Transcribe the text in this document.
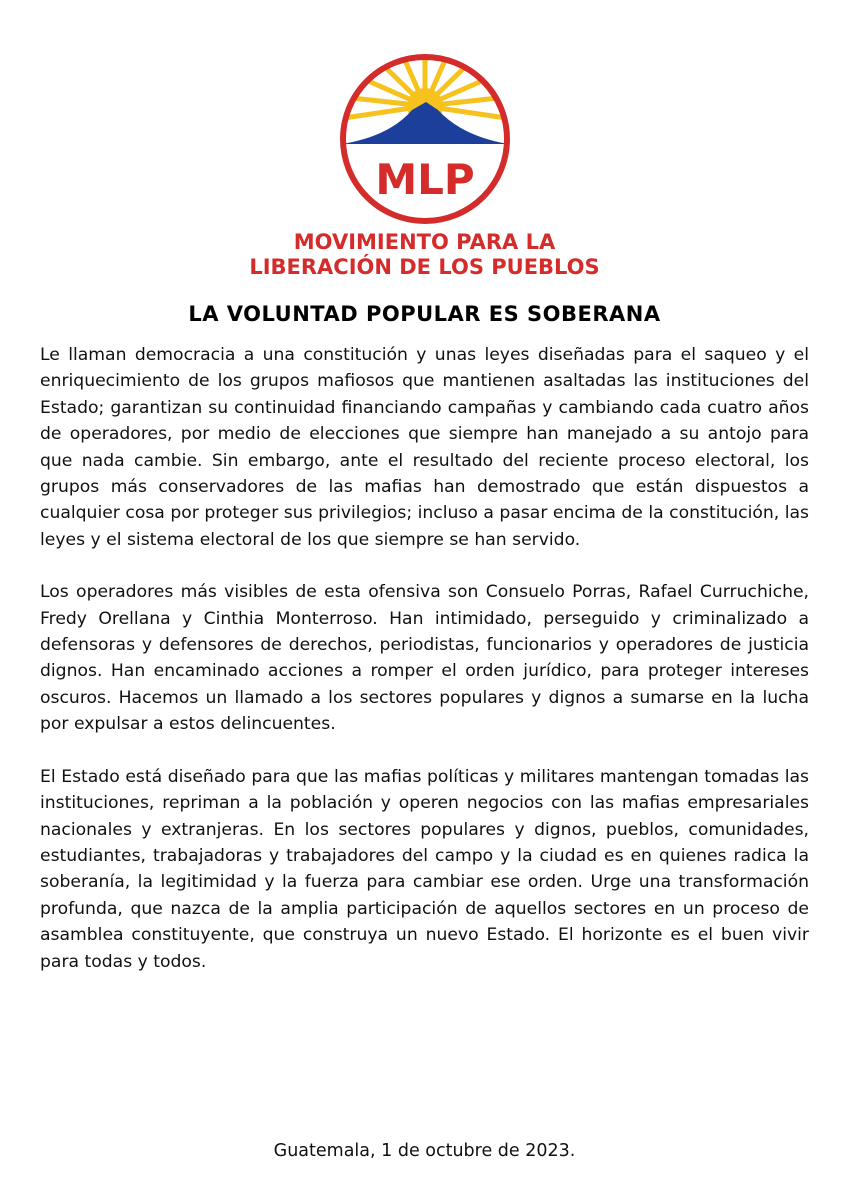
MLP
MOVIMIENTO PARA LA
LIBERACIÓN DE LOS PUEBLOS
LA VOLUNTAD POPULAR ES SOBERANA

Le llaman democracia a una constitución y unas leyes diseñadas para el saqueo y el enriquecimiento de los grupos mafiosos que mantienen asaltadas las instituciones del Estado; garantizan su continuidad financiando campañas y cambiando cada cuatro años de operadores, por medio de elecciones que siempre han manejado a su antojo para que nada cambie. Sin embargo, ante el resultado del reciente proceso electoral, los grupos más conservadores de las mafias han demostrado que están dispuestos a cualquier cosa por proteger sus privilegios; incluso a pasar encima de la constitución, las leyes y el sistema electoral de los que siempre se han servido.

Los operadores más visibles de esta ofensiva son Consuelo Porras, Rafael Curruchiche, Fredy Orellana y Cinthia Monterroso. Han intimidado, perseguido y criminalizado a defensoras y defensores de derechos, periodistas, funcionarios y operadores de justicia dignos. Han encaminado acciones a romper el orden jurídico, para proteger intereses oscuros. Hacemos un llamado a los sectores populares y dignos a sumarse en la lucha por expulsar a estos delincuentes.

El Estado está diseñado para que las mafias políticas y militares mantengan tomadas las instituciones, repriman a la población y operen negocios con las mafias empresariales nacionales y extranjeras. En los sectores populares y dignos, pueblos, comunidades, estudiantes, trabajadoras y trabajadores del campo y la ciudad es en quienes radica la soberanía, la legitimidad y la fuerza para cambiar ese orden. Urge una transformación profunda, que nazca de la amplia participación de aquellos sectores en un proceso de asamblea constituyente, que construya un nuevo Estado. El horizonte es el buen vivir para todas y todos.

Guatemala, 1 de octubre de 2023.
